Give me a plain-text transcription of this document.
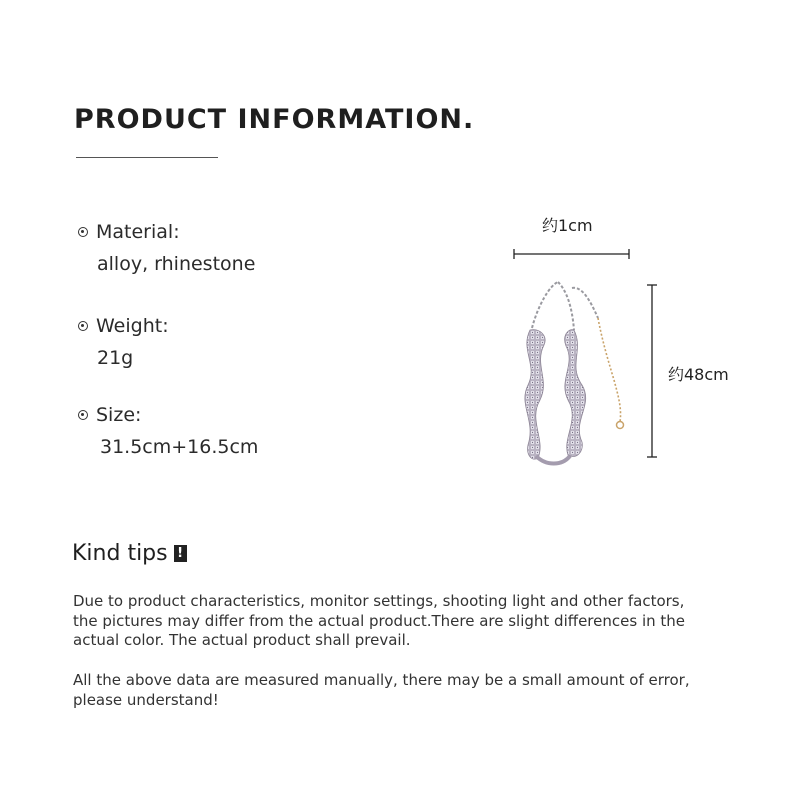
PRODUCT INFORMATION.
Material:
alloy, rhinestone
Weight:
21g
Size:
31.5cm+16.5cm
约1cm
约48cm
Kind tips !
Due to product characteristics, monitor settings, shooting light and other factors, the pictures may differ from the actual product.There are slight differences in the actual color. The actual product shall prevail.
All the above data are measured manually, there may be a small amount of error, please understand!
